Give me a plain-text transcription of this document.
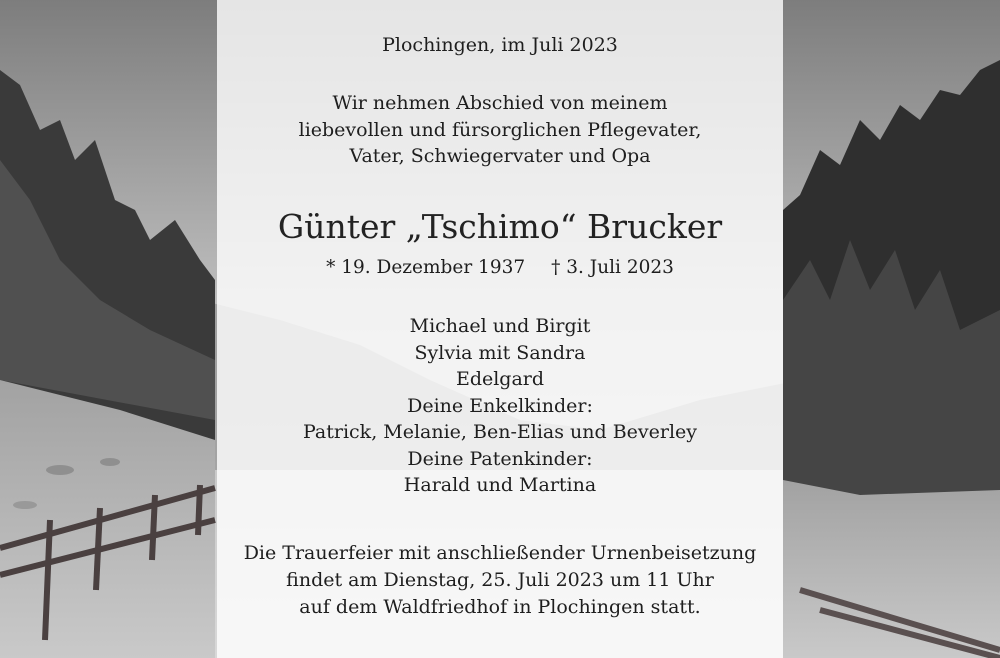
Plochingen, im Juli 2023

Wir nehmen Abschied von meinem
liebevollen und fürsorglichen Pflegevater,
Vater, Schwiegervater und Opa

Günter „Tschimo“ Brucker

* 19. Dezember 1937 † 3. Juli 2023

Michael und Birgit
Sylvia mit Sandra
Edelgard
Deine Enkelkinder:
Patrick, Melanie, Ben-Elias und Beverley
Deine Patenkinder:
Harald und Martina

Die Trauerfeier mit anschließender Urnenbeisetzung
findet am Dienstag, 25. Juli 2023 um 11 Uhr
auf dem Waldfriedhof in Plochingen statt.
